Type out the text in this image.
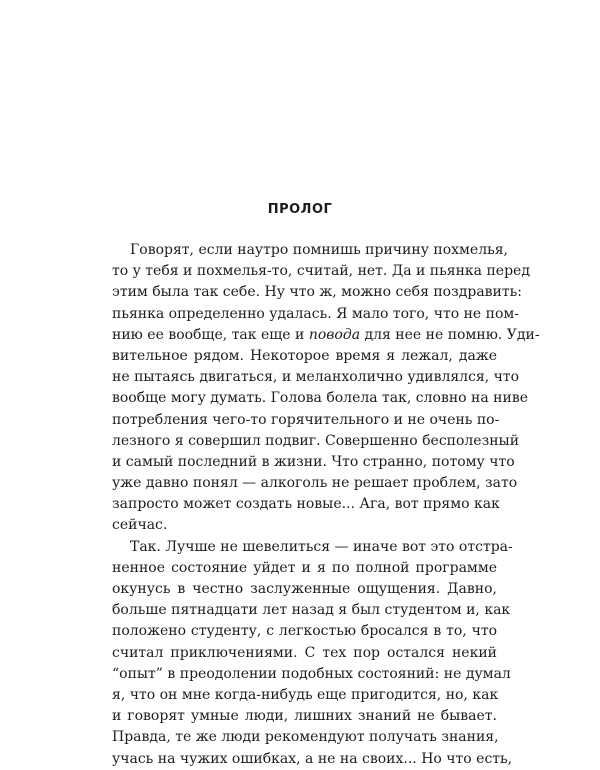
ПРОЛОГ
Говорят, если наутро помнишь причину похмелья,
то у тебя и похмелья-то, считай, нет. Да и пьянка перед
этим была так себе. Ну что ж, можно себя поздравить:
пьянка определенно удалась. Я мало того, что не пом-
нию ее вообще, так еще и повода для нее не помню. Уди-
вительное рядом. Некоторое время я лежал, даже
не пытаясь двигаться, и меланхолично удивлялся, что
вообще могу думать. Голова болела так, словно на ниве
потребления чего-то горячительного и не очень по-
лезного я совершил подвиг. Совершенно бесполезный
и самый последний в жизни. Что странно, потому что
уже давно понял — алкоголь не решает проблем, зато
запросто может создать новые... Ага, вот прямо как
сейчас.
Так. Лучше не шевелиться — иначе вот это отстра-
ненное состояние уйдет и я по полной программе
окунусь в честно заслуженные ощущения. Давно,
больше пятнадцати лет назад я был студентом и, как
положено студенту, с легкостью бросался в то, что
считал приключениями. С тех пор остался некий
“опыт” в преодолении подобных состояний: не думал
я, что он мне когда-нибудь еще пригодится, но, как
и говорят умные люди, лишних знаний не бывает.
Правда, те же люди рекомендуют получать знания,
учась на чужих ошибках, а не на своих... Но что есть,
